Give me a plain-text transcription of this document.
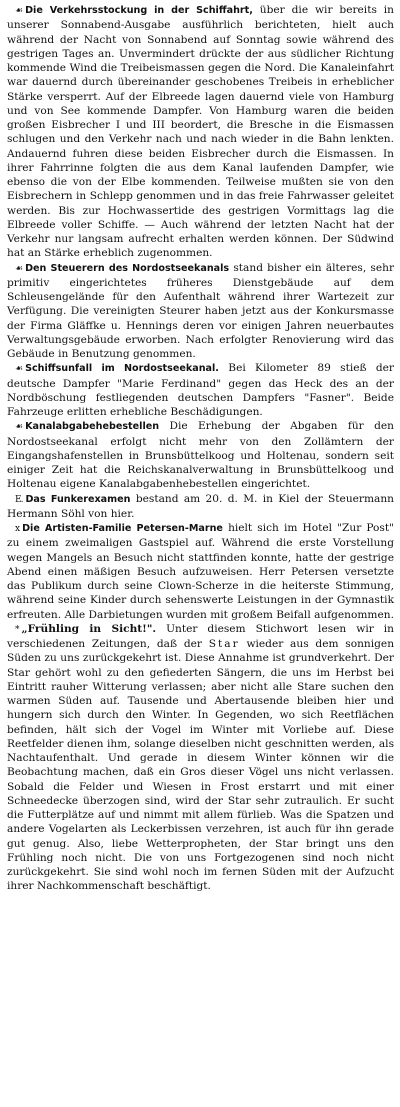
☙ Die Verkehrsstockung in der Schiffahrt, über die wir bereits in unserer Sonnabend-Ausgabe ausführlich berichteten, hielt auch während der Nacht von Sonnabend auf Sonntag sowie während des gestrigen Tages an. Unvermindert drückte der aus südlicher Richtung kommende Wind die Treibeismassen gegen die Nord. Die Kanaleinfahrt war dauernd durch übereinander geschobenes Treibeis in erheblicher Stärke versperrt. Auf der Elbreede lagen dauernd viele von Hamburg und von See kommende Dampfer. Von Hamburg waren die beiden großen Eisbrecher I und III beordert, die Bresche in die Eismassen schlugen und den Verkehr nach und nach wieder in die Bahn lenkten. Andauernd fuhren diese beiden Eisbrecher durch die Eismassen. In ihrer Fahrrinne folgten die aus dem Kanal laufenden Dampfer, wie ebenso die von der Elbe kommenden. Teilweise mußten sie von den Eisbrechern in Schlepp genommen und in das freie Fahrwasser geleitet werden. Bis zur Hochwassertide des gestrigen Vormittags lag die Elbreede voller Schiffe. — Auch während der letzten Nacht hat der Verkehr nur langsam aufrecht erhalten werden können. Der Südwind hat an Stärke erheblich zugenommen.

☙ Den Steuerern des Nordostseekanals stand bisher ein älteres, sehr primitiv eingerichtetes früheres Dienstgebäude auf dem Schleusengelände für den Aufenthalt während ihrer Wartezeit zur Verfügung. Die vereinigten Steurer haben jetzt aus der Konkursmasse der Firma Gläffke u. Hennings deren vor einigen Jahren neuerbautes Verwaltungsgebäude erworben. Nach erfolgter Renovierung wird das Gebäude in Benutzung genommen.

☙ Schiffsunfall im Nordostseekanal. Bei Kilometer 89 stieß der deutsche Dampfer "Marie Ferdinand" gegen das Heck des an der Nordböschung festliegenden deutschen Dampfers "Fasner". Beide Fahrzeuge erlitten erhebliche Beschädigungen.

☙ Kanalabgabehebestellen Die Erhebung der Abgaben für den Nordostseekanal erfolgt nicht mehr von den Zollämtern der Eingangshafenstellen in Brunsbüttelkoog und Holtenau, sondern seit einiger Zeit hat die Reichskanalverwaltung in Brunsbüttelkoog und Holtenau eigene Kanalabgabenhebestellen eingerichtet.

E. Das Funkerexamen bestand am 20. d. M. in Kiel der Steuermann Hermann Söhl von hier.

x Die Artisten-Familie Petersen-Marne hielt sich im Hotel "Zur Post" zu einem zweimaligen Gastspiel auf. Während die erste Vorstellung wegen Mangels an Besuch nicht stattfinden konnte, hatte der gestrige Abend einen mäßigen Besuch aufzuweisen. Herr Petersen versetzte das Publikum durch seine Clown-Scherze in die heiterste Stimmung, während seine Kinder durch sehenswerte Leistungen in der Gymnastik erfreuten. Alle Darbietungen wurden mit großem Beifall aufgenommen.

* „Frühling in Sicht!". Unter diesem Stichwort lesen wir in verschiedenen Zeitungen, daß der Star wieder aus dem sonnigen Süden zu uns zurückgekehrt ist. Diese Annahme ist grundverkehrt. Der Star gehört wohl zu den gefiederten Sängern, die uns im Herbst bei Eintritt rauher Witterung verlassen; aber nicht alle Stare suchen den warmen Süden auf. Tausende und Abertausende bleiben hier und hungern sich durch den Winter. In Gegenden, wo sich Reetflächen befinden, hält sich der Vogel im Winter mit Vorliebe auf. Diese Reetfelder dienen ihm, solange dieselben nicht geschnitten werden, als Nachtaufenthalt. Und gerade in diesem Winter können wir die Beobachtung machen, daß ein Gros dieser Vögel uns nicht verlassen. Sobald die Felder und Wiesen in Frost erstarrt und mit einer Schneedecke überzogen sind, wird der Star sehr zutraulich. Er sucht die Futterplätze auf und nimmt mit allem fürlieb. Was die Spatzen und andere Vogelarten als Leckerbissen verzehren, ist auch für ihn gerade gut genug. Also, liebe Wetterpropheten, der Star bringt uns den Frühling noch nicht. Die von uns Fortgezogenen sind noch nicht zurückgekehrt. Sie sind wohl noch im fernen Süden mit der Aufzucht ihrer Nachkommenschaft beschäftigt.
